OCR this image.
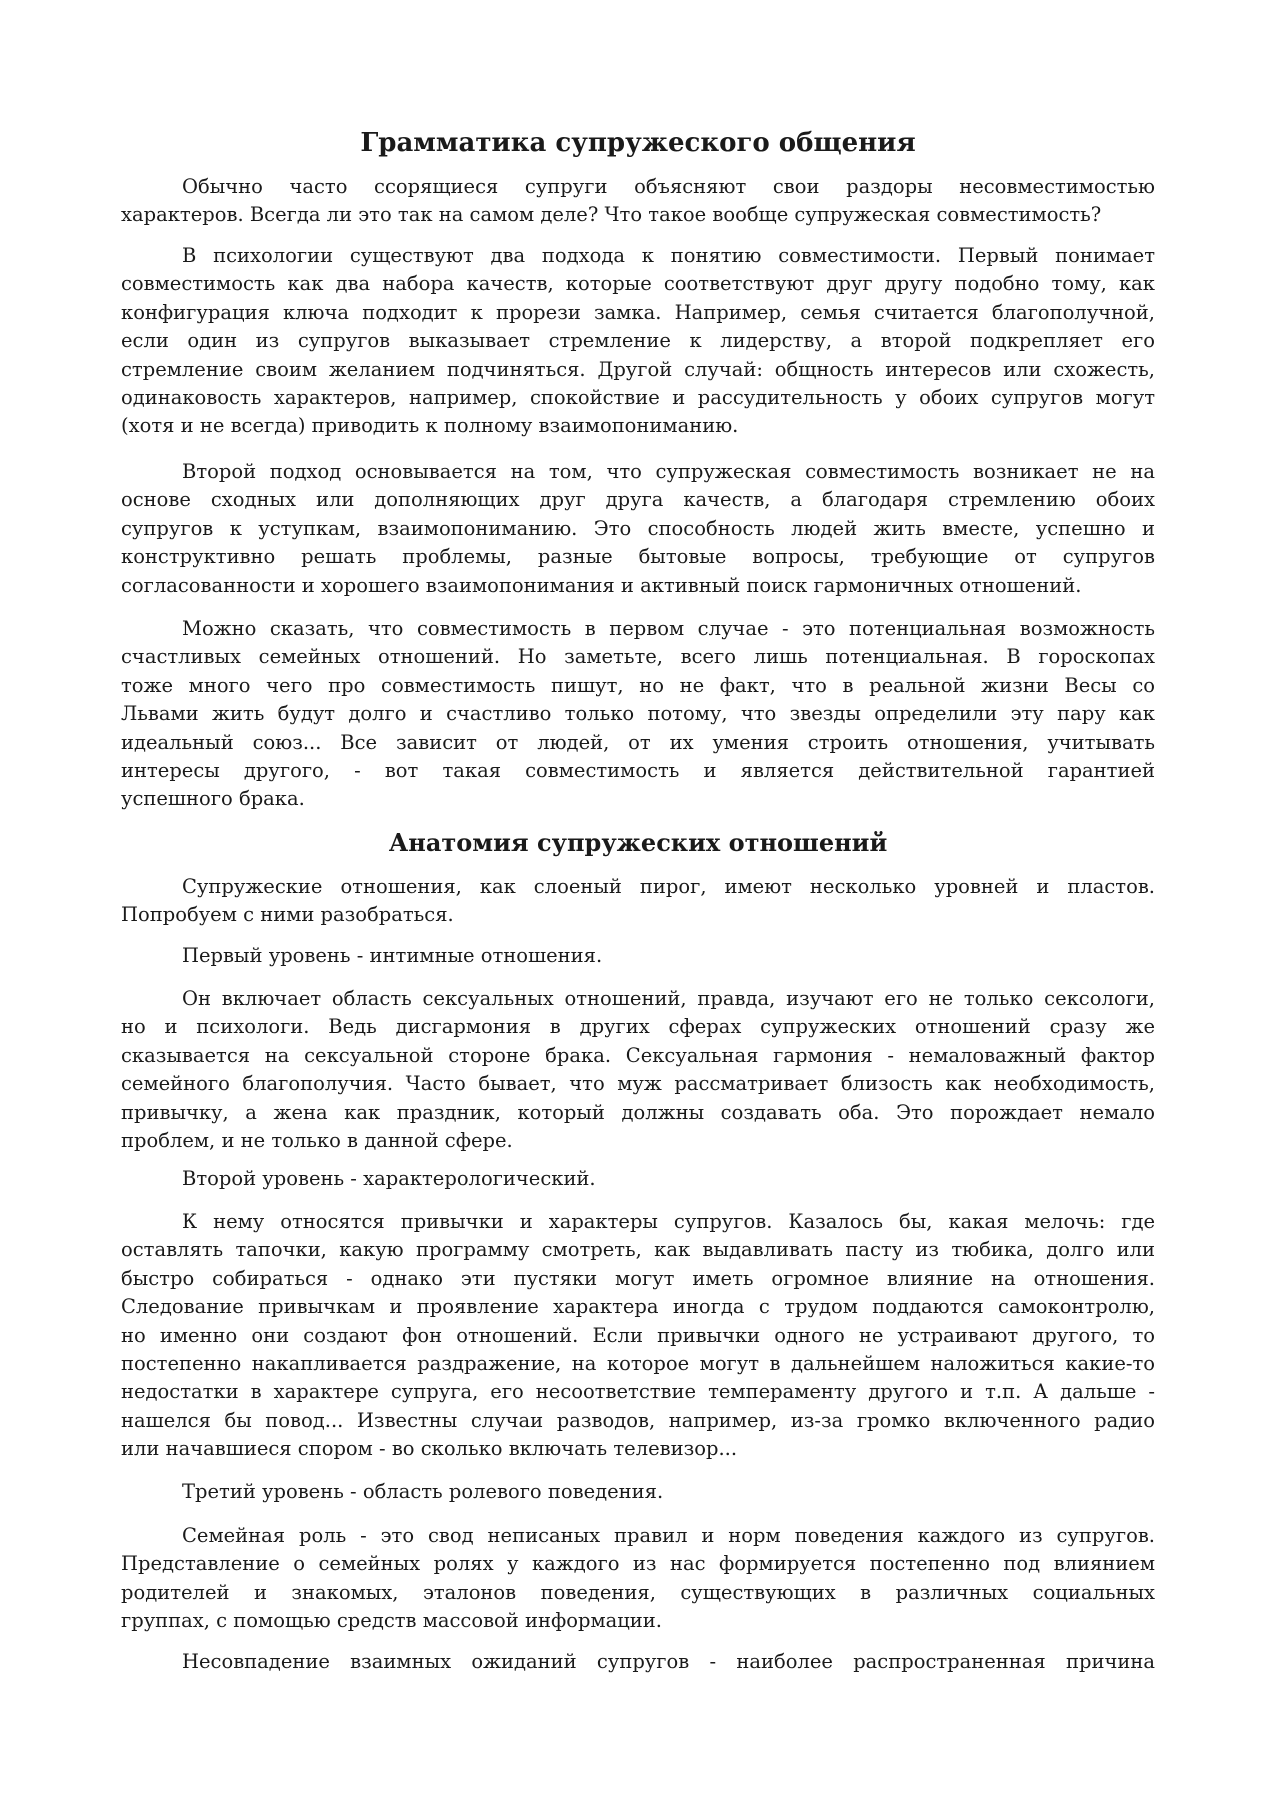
Грамматика супружеского общения
Анатомия супружеских отношений
Обычно часто ссорящиеся супруги объясняют свои раздоры несовместимостью
характеров. Всегда ли это так на самом деле? Что такое вообще супружеская совместимость?
В психологии существуют два подхода к понятию совместимости. Первый понимает
совместимость как два набора качеств, которые соответствуют друг другу подобно тому, как
конфигурация ключа подходит к прорези замка. Например, семья считается благополучной,
если один из супругов выказывает стремление к лидерству, а второй подкрепляет его
стремление своим желанием подчиняться. Другой случай: общность интересов или схожесть,
одинаковость характеров, например, спокойствие и рассудительность у обоих супругов могут
(хотя и не всегда) приводить к полному взаимопониманию.
Второй подход основывается на том, что супружеская совместимость возникает не на
основе сходных или дополняющих друг друга качеств, а благодаря стремлению обоих
супругов к уступкам, взаимопониманию. Это способность людей жить вместе, успешно и
конструктивно решать проблемы, разные бытовые вопросы, требующие от супругов
согласованности и хорошего взаимопонимания и активный поиск гармоничных отношений.
Можно сказать, что совместимость в первом случае - это потенциальная возможность
счастливых семейных отношений. Но заметьте, всего лишь потенциальная. В гороскопах
тоже много чего про совместимость пишут, но не факт, что в реальной жизни Весы со
Львами жить будут долго и счастливо только потому, что звезды определили эту пару как
идеальный союз... Все зависит от людей, от их умения строить отношения, учитывать
интересы другого, - вот такая совместимость и является действительной гарантией
успешного брака.
Супружеские отношения, как слоеный пирог, имеют несколько уровней и пластов.
Попробуем с ними разобраться.
Первый уровень - интимные отношения.
Он включает область сексуальных отношений, правда, изучают его не только сексологи,
но и психологи. Ведь дисгармония в других сферах супружеских отношений сразу же
сказывается на сексуальной стороне брака. Сексуальная гармония - немаловажный фактор
семейного благополучия. Часто бывает, что муж рассматривает близость как необходимость,
привычку, а жена как праздник, который должны создавать оба. Это порождает немало
проблем, и не только в данной сфере.
Второй уровень - характерологический.
К нему относятся привычки и характеры супругов. Казалось бы, какая мелочь: где
оставлять тапочки, какую программу смотреть, как выдавливать пасту из тюбика, долго или
быстро собираться - однако эти пустяки могут иметь огромное влияние на отношения.
Следование привычкам и проявление характера иногда с трудом поддаются самоконтролю,
но именно они создают фон отношений. Если привычки одного не устраивают другого, то
постепенно накапливается раздражение, на которое могут в дальнейшем наложиться какие-то
недостатки в характере супруга, его несоответствие темпераменту другого и т.п. А дальше -
нашелся бы повод... Известны случаи разводов, например, из-за громко включенного радио
или начавшиеся спором - во сколько включать телевизор...
Третий уровень - область ролевого поведения.
Семейная роль - это свод неписаных правил и норм поведения каждого из супругов.
Представление о семейных ролях у каждого из нас формируется постепенно под влиянием
родителей и знакомых, эталонов поведения, существующих в различных социальных
группах, с помощью средств массовой информации.
Несовпадение взаимных ожиданий супругов - наиболее распространенная причина
